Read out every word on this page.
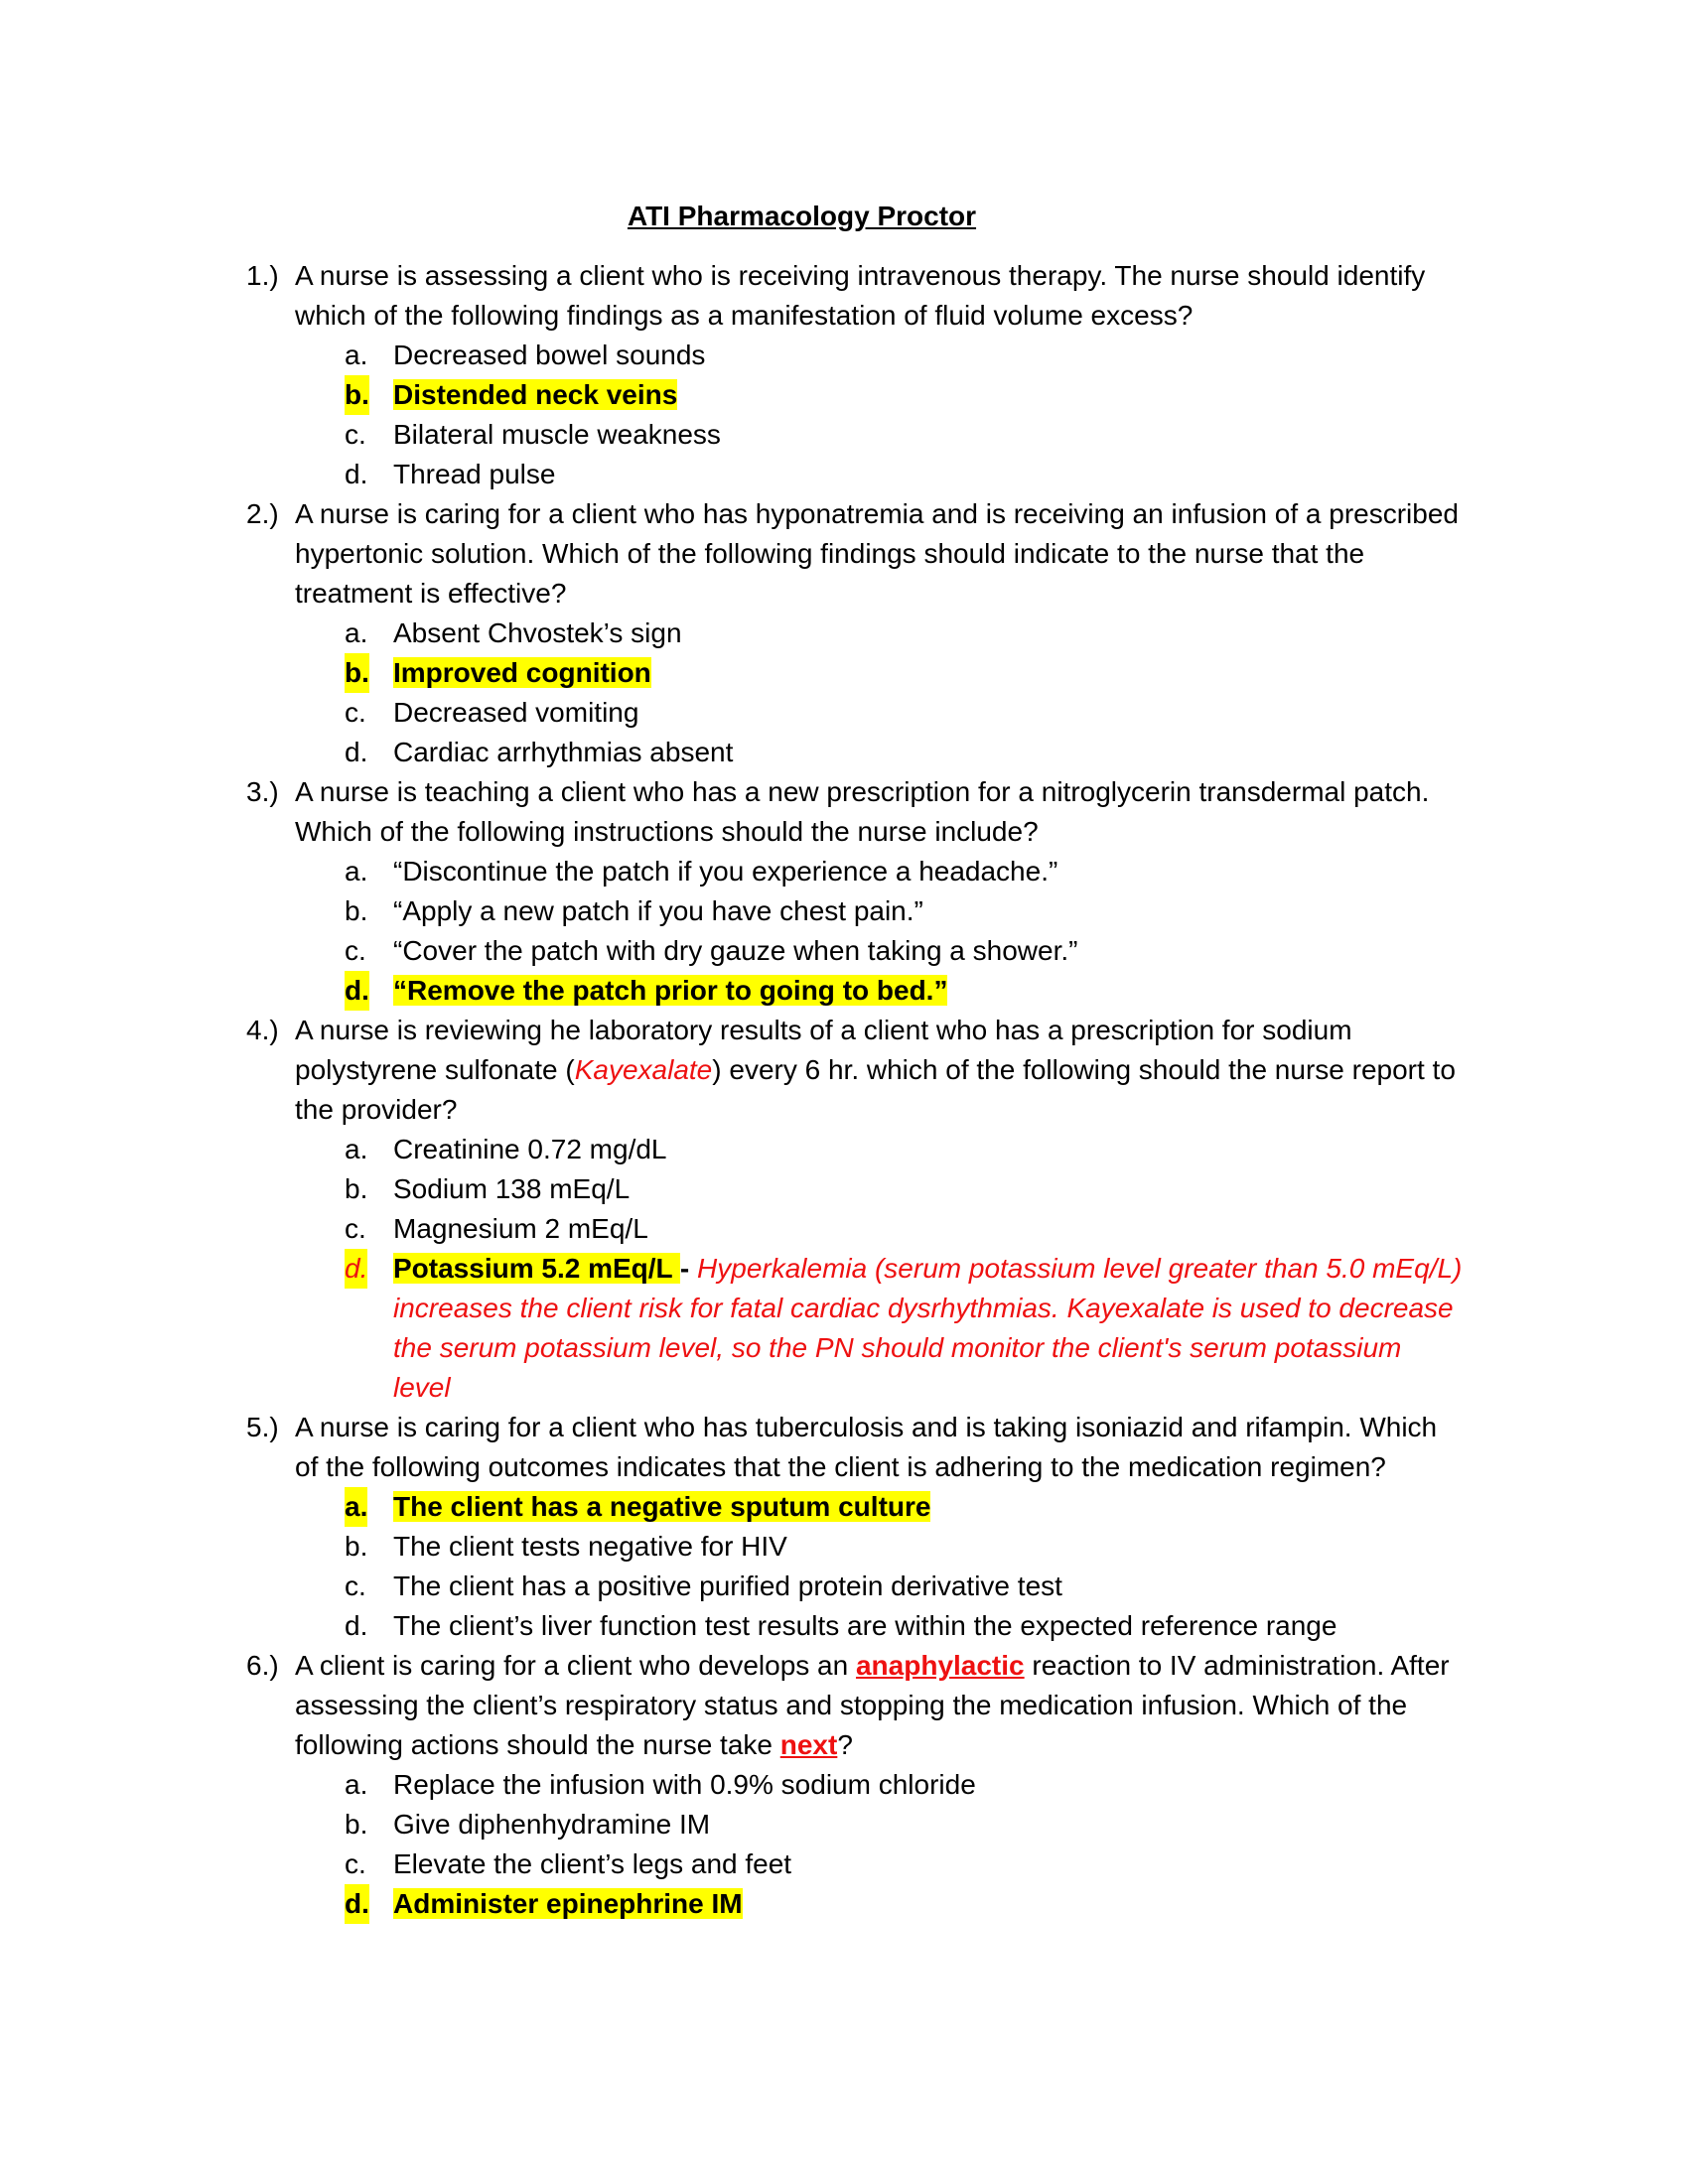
ATI Pharmacology Proctor
1.) A nurse is assessing a client who is receiving intravenous therapy. The nurse should identify which of the following findings as a manifestation of fluid volume excess?
a. Decreased bowel sounds
b. Distended neck veins
c. Bilateral muscle weakness
d. Thread pulse
2.) A nurse is caring for a client who has hyponatremia and is receiving an infusion of a prescribed hypertonic solution. Which of the following findings should indicate to the nurse that the treatment is effective?
a. Absent Chvostek’s sign
b. Improved cognition
c. Decreased vomiting
d. Cardiac arrhythmias absent
3.) A nurse is teaching a client who has a new prescription for a nitroglycerin transdermal patch. Which of the following instructions should the nurse include?
a. “Discontinue the patch if you experience a headache.”
b. “Apply a new patch if you have chest pain.”
c. “Cover the patch with dry gauze when taking a shower.”
d. “Remove the patch prior to going to bed.”
4.) A nurse is reviewing he laboratory results of a client who has a prescription for sodium polystyrene sulfonate (Kayexalate) every 6 hr. which of the following should the nurse report to the provider?
a. Creatinine 0.72 mg/dL
b. Sodium 138 mEq/L
c. Magnesium 2 mEq/L
d. Potassium 5.2 mEq/L - Hyperkalemia (serum potassium level greater than 5.0 mEq/L) increases the client risk for fatal cardiac dysrhythmias. Kayexalate is used to decrease the serum potassium level, so the PN should monitor the client's serum potassium level
5.) A nurse is caring for a client who has tuberculosis and is taking isoniazid and rifampin. Which of the following outcomes indicates that the client is adhering to the medication regimen?
a. The client has a negative sputum culture
b. The client tests negative for HIV
c. The client has a positive purified protein derivative test
d. The client’s liver function test results are within the expected reference range
6.) A client is caring for a client who develops an anaphylactic reaction to IV administration. After assessing the client’s respiratory status and stopping the medication infusion. Which of the following actions should the nurse take next?
a. Replace the infusion with 0.9% sodium chloride
b. Give diphenhydramine IM
c. Elevate the client’s legs and feet
d. Administer epinephrine IM
